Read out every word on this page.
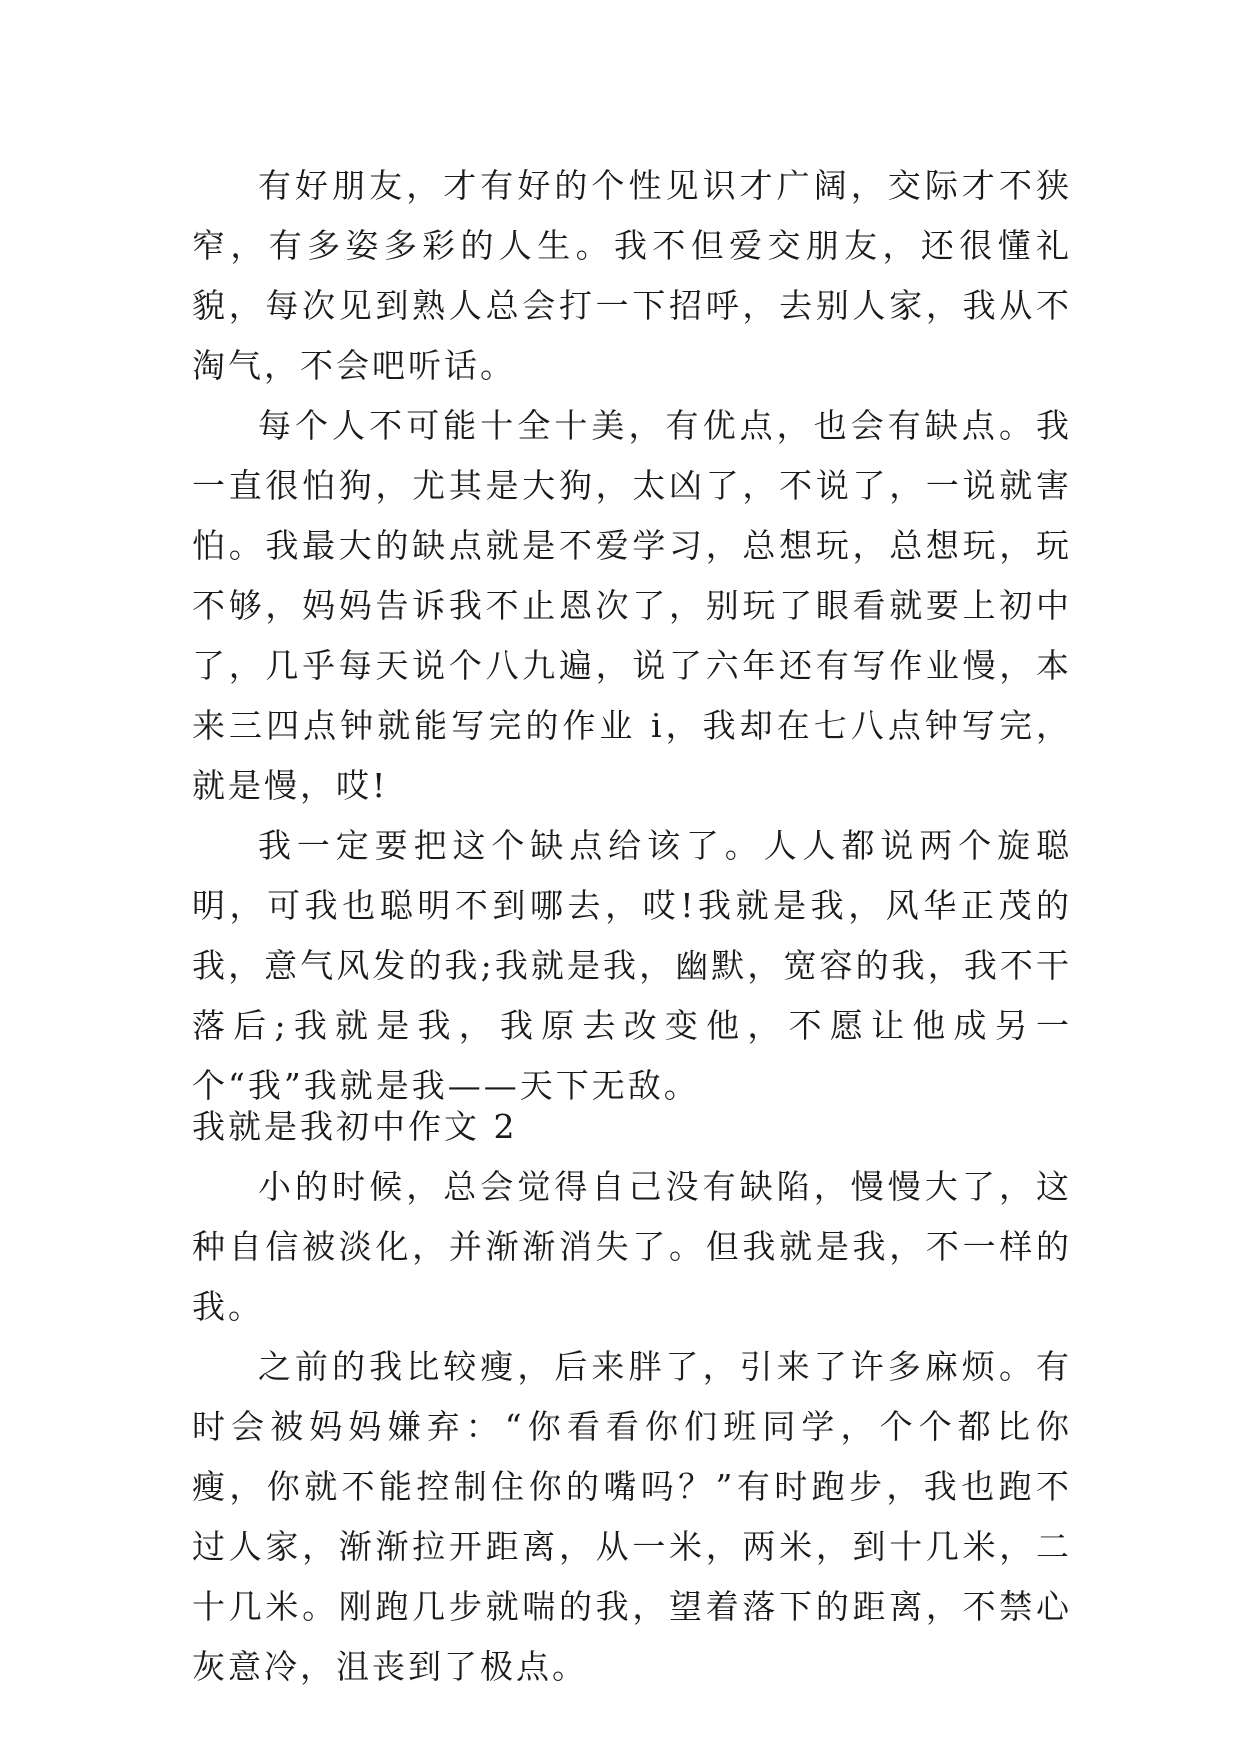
有好朋友，才有好的个性见识才广阔，交际才不狭窄，有多姿多彩的人生。我不但爱交朋友，还很懂礼貌，每次见到熟人总会打一下招呼，去别人家，我从不淘气，不会吧听话。

每个人不可能十全十美，有优点，也会有缺点。我一直很怕狗，尤其是大狗，太凶了，不说了，一说就害怕。我最大的缺点就是不爱学习，总想玩，总想玩，玩不够，妈妈告诉我不止恩次了，别玩了眼看就要上初中了，几乎每天说个八九遍，说了六年还有写作业慢，本来三四点钟就能写完的作业 i，我却在七八点钟写完，就是慢，哎!

我一定要把这个缺点给该了。人人都说两个旋聪明，可我也聪明不到哪去，哎!我就是我，风华正茂的我，意气风发的我;我就是我，幽默，宽容的我，我不干落后;我就是我，我原去改变他，不愿让他成另一个“我”我就是我——天下无敌。

我就是我初中作文 2

小的时候，总会觉得自己没有缺陷，慢慢大了，这种自信被淡化，并渐渐消失了。但我就是我，不一样的我。

之前的我比较瘦，后来胖了，引来了许多麻烦。有时会被妈妈嫌弃：“你看看你们班同学，个个都比你瘦，你就不能控制住你的嘴吗？”有时跑步，我也跑不过人家，渐渐拉开距离，从一米，两米，到十几米，二十几米。刚跑几步就喘的我，望着落下的距离，不禁心灰意冷，沮丧到了极点。
